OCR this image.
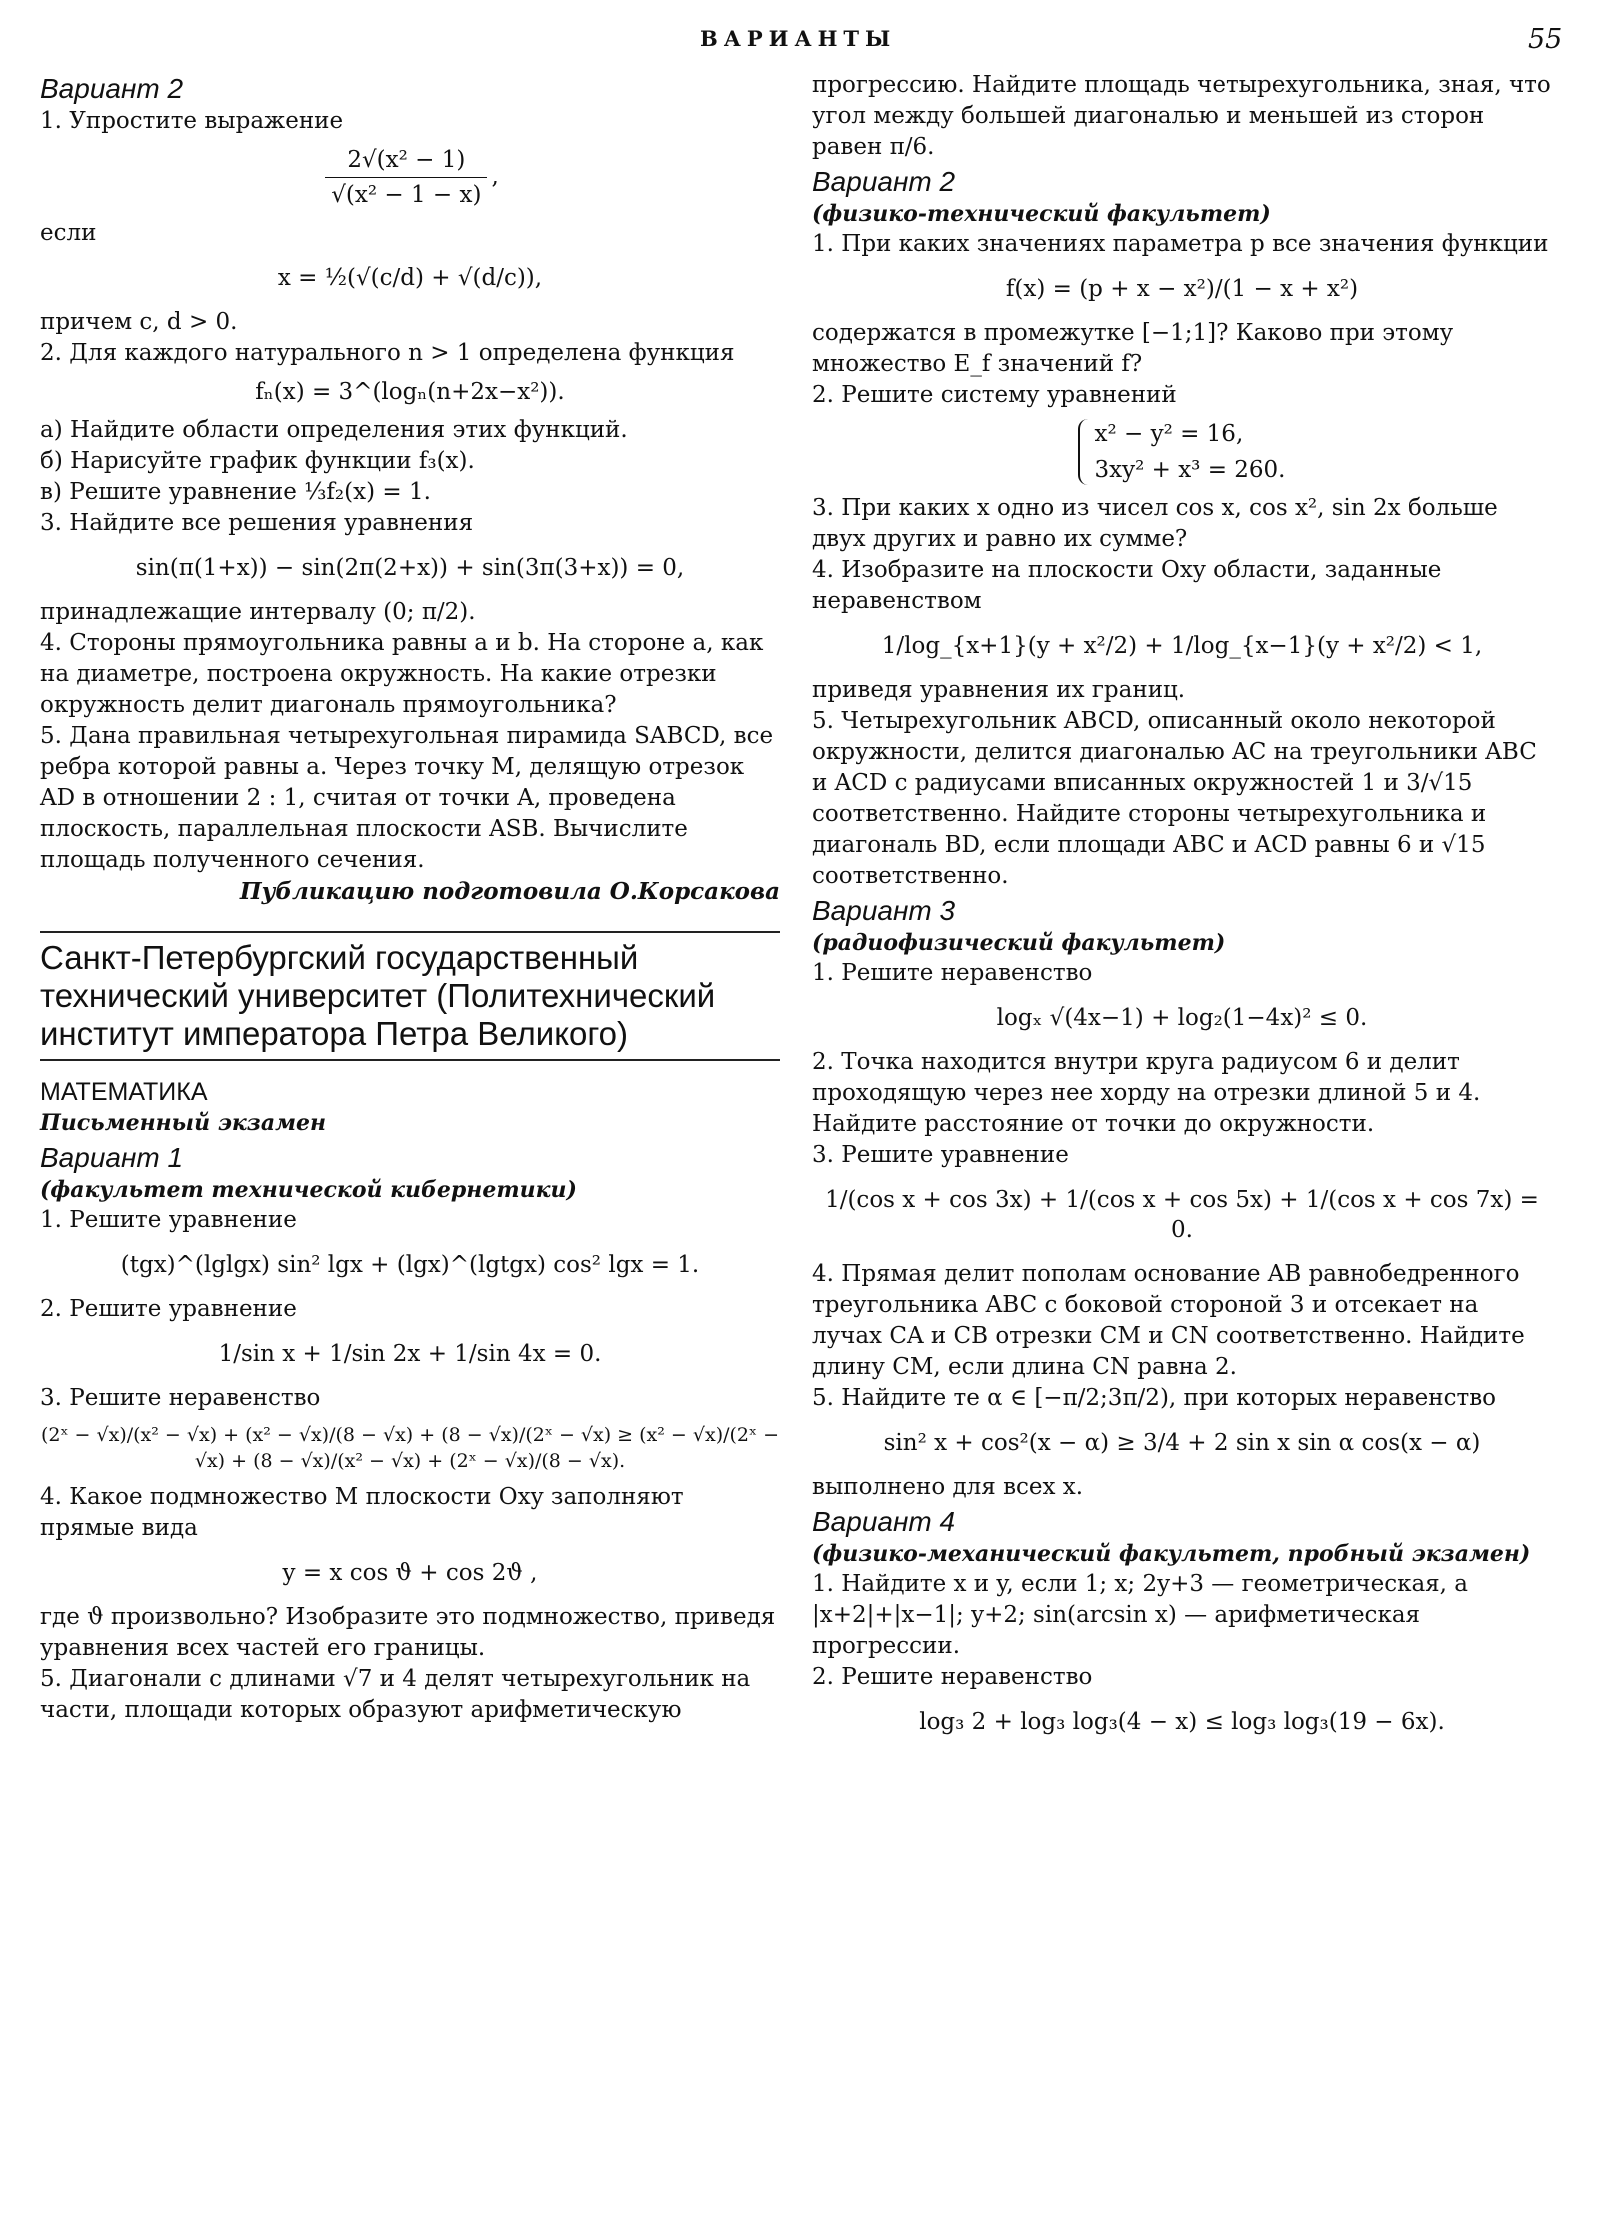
ВАРИАНТЫ	55
Вариант 2

1. Упростите выражение

$\frac{\text{2√(x² − 1)}}{\text{√(x² − 1 − x)}}$ ,

если

x = ½(√(c/d) + √(d/c)),

причем c, d > 0.

2. Для каждого натурального n > 1 определена функция

fₙ(x) = 3^(logₙ(n+2x−x²)).

а) Найдите области определения этих функций.

б) Нарисуйте график функции f₃(x).

в) Решите уравнение ⅓f₂(x) = 1.

3. Найдите все решения уравнения

sin(π(1+x)) − sin(2π(2+x)) + sin(3π(3+x)) = 0,

принадлежащие интервалу (0; π/2).

4. Стороны прямоугольника равны a и b. На стороне a, как на диаметре, построена окружность. На какие отрезки окружность делит диагональ прямоугольника?

5. Дана правильная четырехугольная пирамида SABCD, все ребра которой равны a. Через точку M, делящую отрезок AD в отношении 2 : 1, считая от точки A, проведена плоскость, параллельная плоскости ASB. Вычислите площадь полученного сечения.

Публикацию подготовила О.Корсакова
Санкт-Петербургский государственный технический университет (Политехнический институт императора Петра Великого)
МАТЕМАТИКА
Письменный экзамен
Вариант 1
(факультет технической кибернетики)

1. Решите уравнение

(tgx)^(lglgx) sin² lgx + (lgx)^(lgtgx) cos² lgx = 1.

2. Решите уравнение

1/sin x + 1/sin 2x + 1/sin 4x = 0.

3. Решите неравенство

(2ˣ − √x)/(x² − √x) + (x² − √x)/(8 − √x) + (8 − √x)/(2ˣ − √x) ≥ (x² − √x)/(2ˣ − √x) + (8 − √x)/(x² − √x) + (2ˣ − √x)/(8 − √x).

4. Какое подмножество M плоскости Oxy заполняют прямые вида

y = x cos ϑ + cos 2ϑ ,

где ϑ произвольно? Изобразите это подмножество, приведя уравнения всех частей его границы.

5. Диагонали с длинами √7 и 4 делят четырехугольник на части, площади которых образуют арифметическую

прогрессию. Найдите площадь четырехугольника, зная, что угол между большей диагональю и меньшей из сторон равен π/6.

Вариант 2
(физико-технический факультет)

1. При каких значениях параметра p все значения функции

f(x) = (p + x − x²)/(1 − x + x²)

содержатся в промежутке [−1;1]? Каково при этому множество E_f значений f?

2. Решите систему уравнений

x² − y² = 16,
3xy² + x³ = 260.

3. При каких x одно из чисел cos x, cos x², sin 2x больше двух других и равно их сумме?

4. Изобразите на плоскости Oxy области, заданные неравенством

1/log_{x+1}(y + x²/2) + 1/log_{x−1}(y + x²/2) < 1,

приведя уравнения их границ.

5. Четырехугольник ABCD, описанный около некоторой окружности, делится диагональю AC на треугольники ABC и ACD с радиусами вписанных окружностей 1 и 3/√15 соответственно. Найдите стороны четырехугольника и диагональ BD, если площади ABC и ACD равны 6 и √15 соответственно.

Вариант 3
(радиофизический факультет)

1. Решите неравенство

logₓ √(4x−1) + log₂(1−4x)² ≤ 0.

2. Точка находится внутри круга радиусом 6 и делит проходящую через нее хорду на отрезки длиной 5 и 4. Найдите расстояние от точки до окружности.

3. Решите уравнение

1/(cos x + cos 3x) + 1/(cos x + cos 5x) + 1/(cos x + cos 7x) = 0.

4. Прямая делит пополам основание AB равнобедренного треугольника ABC с боковой стороной 3 и отсекает на лучах CA и CB отрезки CM и CN соответственно. Найдите длину CM, если длина CN равна 2.

5. Найдите те α ∈ [−π/2;3π/2), при которых неравенство

sin² x + cos²(x − α) ≥ 3/4 + 2 sin x sin α cos(x − α)

выполнено для всех x.

Вариант 4
(физико-механический факультет, пробный экзамен)

1. Найдите x и y, если 1; x; 2y+3 — геометрическая, а |x+2|+|x−1|; y+2; sin(arcsin x) — арифметическая прогрессии.

2. Решите неравенство

log₃ 2 + log₃ log₃(4 − x) ≤ log₃ log₃(19 − 6x).
